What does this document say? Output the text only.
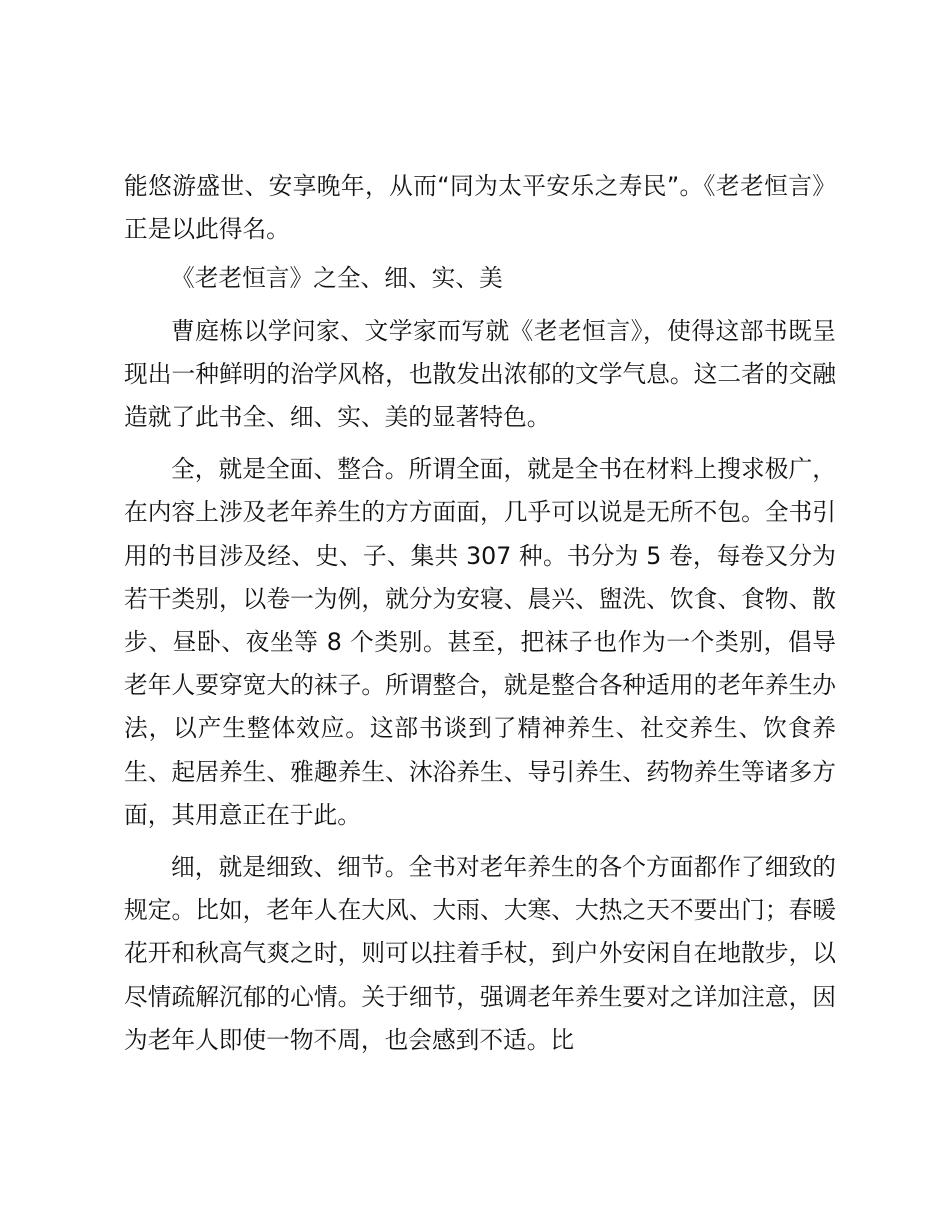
能悠游盛世、安享晚年，从而“同为太平安乐之寿民”。《老老恒言》正是以此得名。

《老老恒言》之全、细、实、美

曹庭栋以学问家、文学家而写就《老老恒言》，使得这部书既呈现出一种鲜明的治学风格，也散发出浓郁的文学气息。这二者的交融造就了此书全、细、实、美的显著特色。

全，就是全面、整合。所谓全面，就是全书在材料上搜求极广，在内容上涉及老年养生的方方面面，几乎可以说是无所不包。全书引用的书目涉及经、史、子、集共 307 种。书分为 5 卷，每卷又分为若干类别，以卷一为例，就分为安寝、晨兴、盥洗、饮食、食物、散步、昼卧、夜坐等 8 个类别。甚至，把袜子也作为一个类别，倡导老年人要穿宽大的袜子。所谓整合，就是整合各种适用的老年养生办法，以产生整体效应。这部书谈到了精神养生、社交养生、饮食养生、起居养生、雅趣养生、沐浴养生、导引养生、药物养生等诸多方面，其用意正在于此。

细，就是细致、细节。全书对老年养生的各个方面都作了细致的规定。比如，老年人在大风、大雨、大寒、大热之天不要出门；春暖花开和秋高气爽之时，则可以拄着手杖，到户外安闲自在地散步，以尽情疏解沉郁的心情。关于细节，强调老年养生要对之详加注意，因为老年人即使一物不周，也会感到不适。比
